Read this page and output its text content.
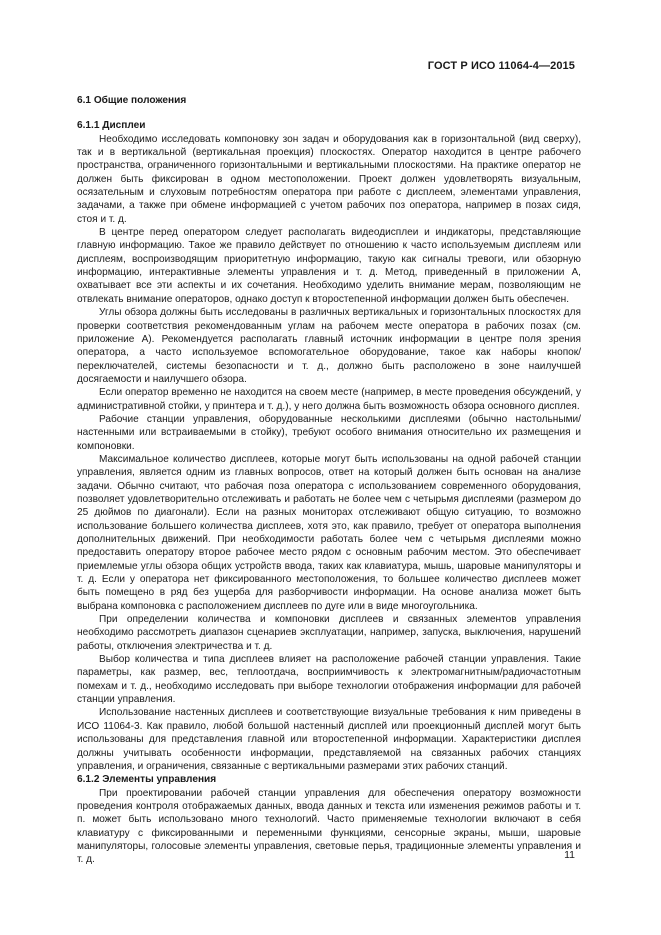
ГОСТ Р ИСО 11064-4—2015
6.1 Общие положения
6.1.1 Дисплеи

Необходимо исследовать компоновку зон задач и оборудования как в горизонтальной (вид сверху), так и в вертикальной (вертикальная проекция) плоскостях. Оператор находится в центре рабочего пространства, ограниченного горизонтальными и вертикальными плоскостями. На практике оператор не должен быть фиксирован в одном местоположении. Проект должен удовлетворять визуальным, осязательным и слуховым потребностям оператора при работе с дисплеем, элементами управления, задачами, а также при обмене информацией с учетом рабочих поз оператора, например в позах сидя, стоя и т. д.

В центре перед оператором следует располагать видеодисплеи и индикаторы, представляющие главную информацию. Такое же правило действует по отношению к часто используемым дисплеям или дисплеям, воспроизводящим приоритетную информацию, такую как сигналы тревоги, или обзорную информацию, интерактивные элементы управления и т. д. Метод, приведенный в приложении А, охватывает все эти аспекты и их сочетания. Необходимо уделить внимание мерам, позволяющим не отвлекать внимание операторов, однако доступ к второстепенной информации должен быть обеспечен.

Углы обзора должны быть исследованы в различных вертикальных и горизонтальных плоскостях для проверки соответствия рекомендованным углам на рабочем месте оператора в рабочих позах (см. приложение А). Рекомендуется располагать главный источник информации в центре поля зрения оператора, а часто используемое вспомогательное оборудование, такое как наборы кнопок/ переключателей, системы безопасности и т. д., должно быть расположено в зоне наилучшей досягаемости и наилучшего обзора.

Если оператор временно не находится на своем месте (например, в месте проведения обсуждений, у административной стойки, у принтера и т. д.), у него должна быть возможность обзора основного дисплея.

Рабочие станции управления, оборудованные несколькими дисплеями (обычно настольными/настенными или встраиваемыми в стойку), требуют особого внимания относительно их размещения и компоновки.

Максимальное количество дисплеев, которые могут быть использованы на одной рабочей станции управления, является одним из главных вопросов, ответ на который должен быть основан на анализе задачи. Обычно считают, что рабочая поза оператора с использованием современного оборудования, позволяет удовлетворительно отслеживать и работать не более чем с четырьмя дисплеями (размером до 25 дюймов по диагонали). Если на разных мониторах отслеживают общую ситуацию, то возможно использование большего количества дисплеев, хотя это, как правило, требует от оператора выполнения дополнительных движений. При необходимости работать более чем с четырьмя дисплеями можно предоставить оператору второе рабочее место рядом с основным рабочим местом. Это обеспечивает приемлемые углы обзора общих устройств ввода, таких как клавиатура, мышь, шаровые манипуляторы и т. д. Если у оператора нет фиксированного местоположения, то большее количество дисплеев может быть помещено в ряд без ущерба для разборчивости информации. На основе анализа может быть выбрана компоновка с расположением дисплеев по дуге или в виде многоугольника.

При определении количества и компоновки дисплеев и связанных элементов управления необходимо рассмотреть диапазон сценариев эксплуатации, например, запуска, выключения, нарушений работы, отключения электричества и т. д.

Выбор количества и типа дисплеев влияет на расположение рабочей станции управления. Такие параметры, как размер, вес, теплоотдача, восприимчивость к электромагнитным/радиочастотным помехам и т. д., необходимо исследовать при выборе технологии отображения информации для рабочей станции управления.

Использование настенных дисплеев и соответствующие визуальные требования к ним приведены в ИСО 11064-3. Как правило, любой большой настенный дисплей или проекционный дисплей могут быть использованы для представления главной или второстепенной информации. Характеристики дисплея должны учитывать особенности информации, представляемой на связанных рабочих станциях управления, и ограничения, связанные с вертикальными размерами этих рабочих станций.

6.1.2 Элементы управления

При проектировании рабочей станции управления для обеспечения оператору возможности проведения контроля отображаемых данных, ввода данных и текста или изменения режимов работы и т. п. может быть использовано много технологий. Часто применяемые технологии включают в себя клавиатуру с фиксированными и переменными функциями, сенсорные экраны, мыши, шаровые манипуляторы, голосовые элементы управления, световые перья, традиционные элементы управления и т. д.	11
